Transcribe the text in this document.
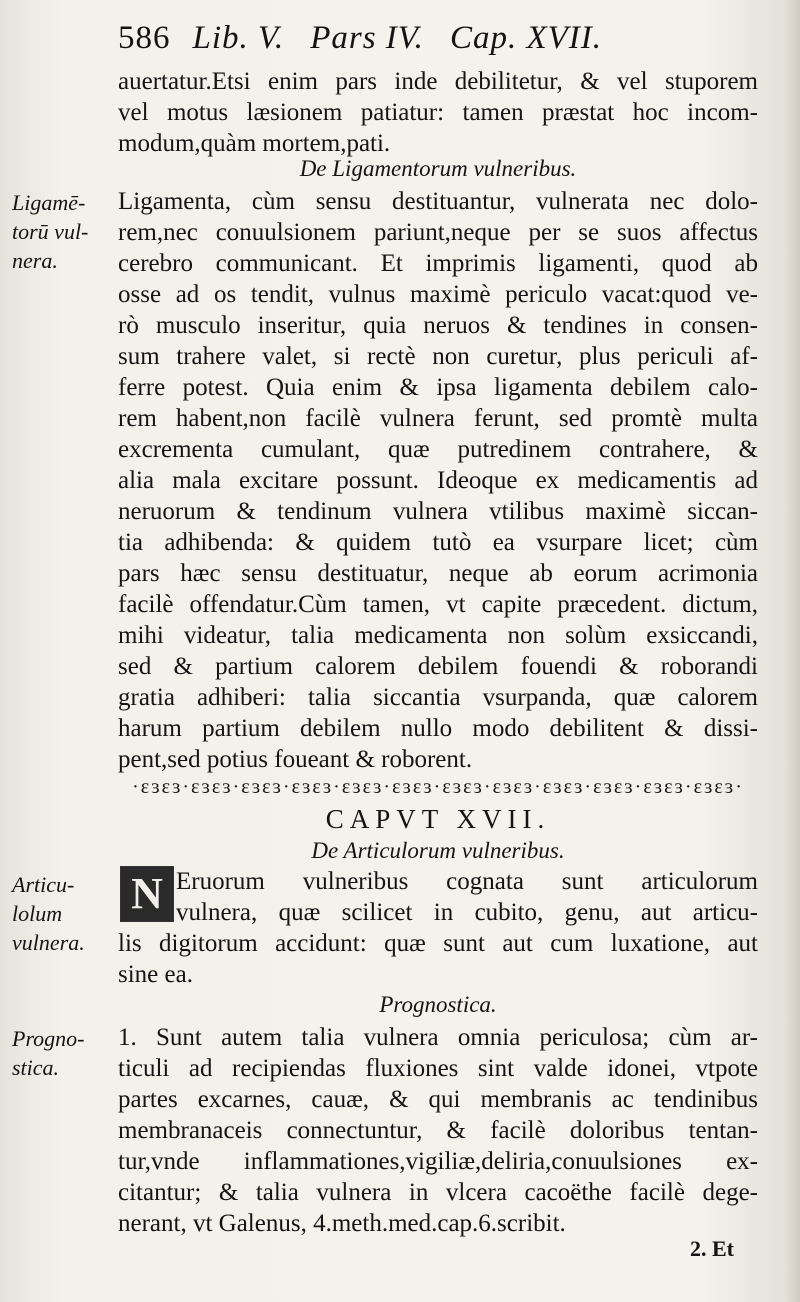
586 Lib. V. Pars IV. Cap. XVII.
auertatur.Etsi enim pars inde debilitetur, & vel stuporem
vel motus læsionem patiatur: tamen præstat hoc incom-
modum,quàm mortem,pati.
De Ligamentorum vulneribus.
Ligamē-
torū vul-
nera.
Ligamenta, cùm sensu destituantur, vulnerata nec dolo-
rem,nec conuulsionem pariunt,neque per se suos affectus
cerebro communicant. Et imprimis ligamenti, quod ab
osse ad os tendit, vulnus maximè periculo vacat:quod ve-
rò musculo inseritur, quia neruos & tendines in consen-
sum trahere valet, si rectè non curetur, plus periculi af-
ferre potest. Quia enim & ipsa ligamenta debilem calo-
rem habent,non facilè vulnera ferunt, sed promtè multa
excrementa cumulant, quæ putredinem contrahere, &
alia mala excitare possunt. Ideoque ex medicamentis ad
neruorum & tendinum vulnera vtilibus maximè siccan-
tia adhibenda: & quidem tutò ea vsurpare licet; cùm
pars hæc sensu destituatur, neque ab eorum acrimonia
facilè offendatur.Cùm tamen, vt capite præcedent. dictum,
mihi videatur, talia medicamenta non solùm exsiccandi,
sed & partium calorem debilem fouendi & roborandi
gratia adhiberi: talia siccantia vsurpanda, quæ calorem
harum partium debilem nullo modo debilitent & dissi-
pent,sed potius foueant & roborent.
·ɛɜɛɜ·ɛɜɛɜ·ɛɜɛɜ·ɛɜɛɜ·ɛɜɛɜ·ɛɜɛɜ·ɛɜɛɜ·ɛɜɛɜ·ɛɜɛɜ·ɛɜɛɜ·ɛɜɛɜ·ɛɜɛɜ·
CAPVT XVII.
De Articulorum vulneribus.
Articu-
lolum
vulnera.
N Eruorum vulneribus cognata sunt articulorum
vulnera, quæ scilicet in cubito, genu, aut articu-
lis digitorum accidunt: quæ sunt aut cum luxatione, aut
sine ea.
Prognostica.
Progno-
stica.
1. Sunt autem talia vulnera omnia periculosa; cùm ar-
ticuli ad recipiendas fluxiones sint valde idonei, vtpote
partes excarnes, cauæ, & qui membranis ac tendinibus
membranaceis connectuntur, & facilè doloribus tentan-
tur,vnde inflammationes,vigiliæ,deliria,conuulsiones ex-
citantur; & talia vulnera in vlcera cacoëthe facilè dege-
nerant, vt Galenus, 4.meth.med.cap.6.scribit.
2. Et
